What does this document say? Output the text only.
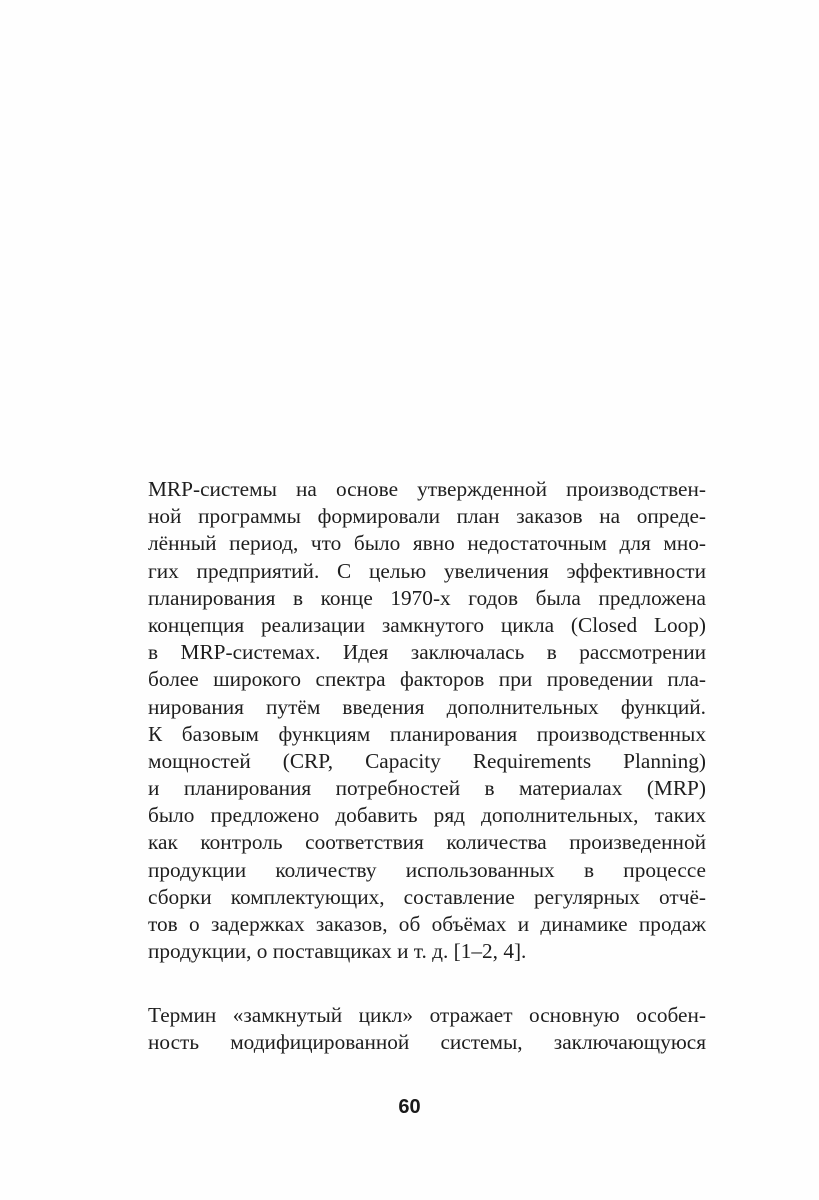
MRP-системы на основе утвержденной производствен-
ной программы формировали план заказов на опреде-
лённый период, что было явно недостаточным для мно-
гих предприятий. С целью увеличения эффективности
планирования в конце 1970-х годов была предложена
концепция реализации замкнутого цикла (Closed Loop)
в MRP-системах. Идея заключалась в рассмотрении
более широкого спектра факторов при проведении пла-
нирования путём введения дополнительных функций.
К базовым функциям планирования производственных
мощностей (CRP, Capacity Requirements Planning)
и планирования потребностей в материалах (MRP)
было предложено добавить ряд дополнительных, таких
как контроль соответствия количества произведенной
продукции количеству использованных в процессе
сборки комплектующих, составление регулярных отчё-
тов о задержках заказов, об объёмах и динамике продаж
продукции, о поставщиках и т. д. [1–2, 4].
Термин «замкнутый цикл» отражает основную особен-
ность модифицированной системы, заключающуюся
60
